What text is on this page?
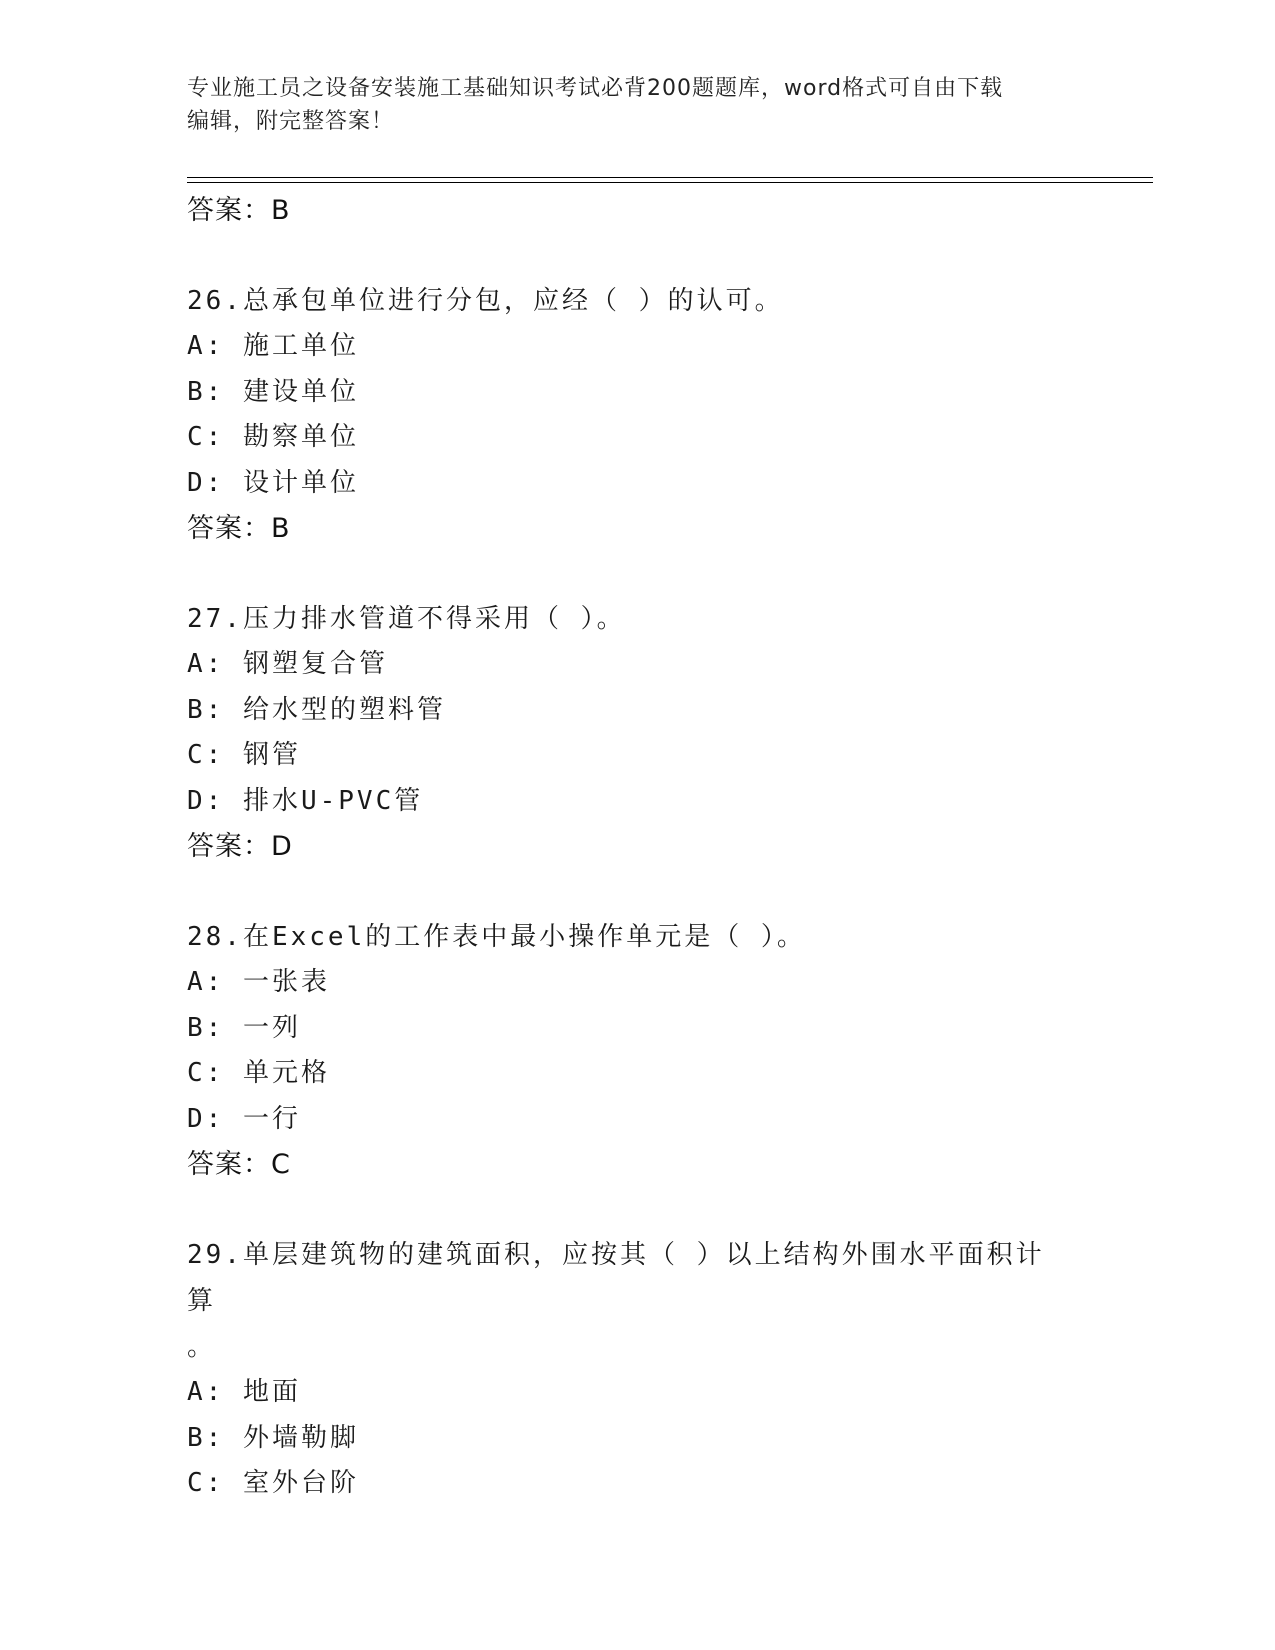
专业施工员之设备安装施工基础知识考试必背200题题库，word格式可自由下载
编辑，附完整答案！
答案：B
26.总承包单位进行分包，应经（ ）的认可。
A: 施工单位
B: 建设单位
C: 勘察单位
D: 设计单位
答案：B
27.压力排水管道不得采用（ ）。
A: 钢塑复合管
B: 给水型的塑料管
C: 钢管
D: 排水U-PVC管
答案：D
28.在Excel的工作表中最小操作单元是（ ）。
A: 一张表
B: 一列
C: 单元格
D: 一行
答案：C
29.单层建筑物的建筑面积，应按其（ ）以上结构外围水平面积计算
。
A: 地面
B: 外墙勒脚
C: 室外台阶
